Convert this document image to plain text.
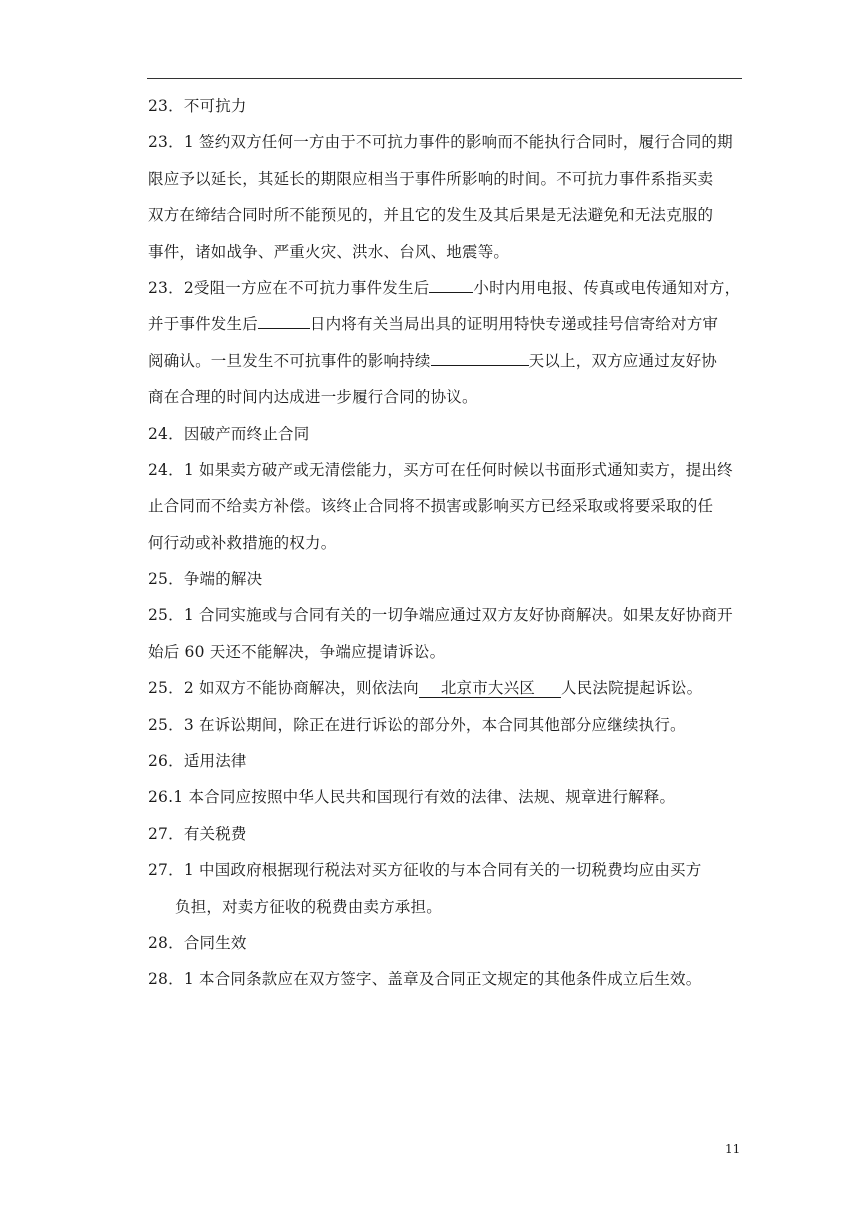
23．不可抗力
23．1 签约双方任何一方由于不可抗力事件的影响而不能执行合同时，履行合同的期
限应予以延长，其延长的期限应相当于事件所影响的时间。不可抗力事件系指买卖
双方在缔结合同时所不能预见的，并且它的发生及其后果是无法避免和无法克服的
事件，诸如战争、严重火灾、洪水、台风、地震等。
23．2受阻一方应在不可抗力事件发生后	小时内用电报、传真或电传通知对方，
并于事件发生后	日内将有关当局出具的证明用特快专递或挂号信寄给对方审
阅确认。一旦发生不可抗事件的影响持续	天以上，双方应通过友好协
商在合理的时间内达成进一步履行合同的协议。
24．因破产而终止合同
24．1 如果卖方破产或无清偿能力，买方可在任何时候以书面形式通知卖方，提出终
止合同而不给卖方补偿。该终止合同将不损害或影响买方已经采取或将要采取的任
何行动或补救措施的权力。
25．争端的解决
25．1 合同实施或与合同有关的一切争端应通过双方友好协商解决。如果友好协商开
始后 60 天还不能解决，争端应提请诉讼。
25．2 如双方不能协商解决，则依法向 北京市大兴区 人民法院提起诉讼。
25．3 在诉讼期间，除正在进行诉讼的部分外，本合同其他部分应继续执行。
26．适用法律
26.1 本合同应按照中华人民共和国现行有效的法律、法规、规章进行解释。
27．有关税费
27．1 中国政府根据现行税法对买方征收的与本合同有关的一切税费均应由买方
负担，对卖方征收的税费由卖方承担。
28．合同生效
28．1 本合同条款应在双方签字、盖章及合同正文规定的其他条件成立后生效。
11
